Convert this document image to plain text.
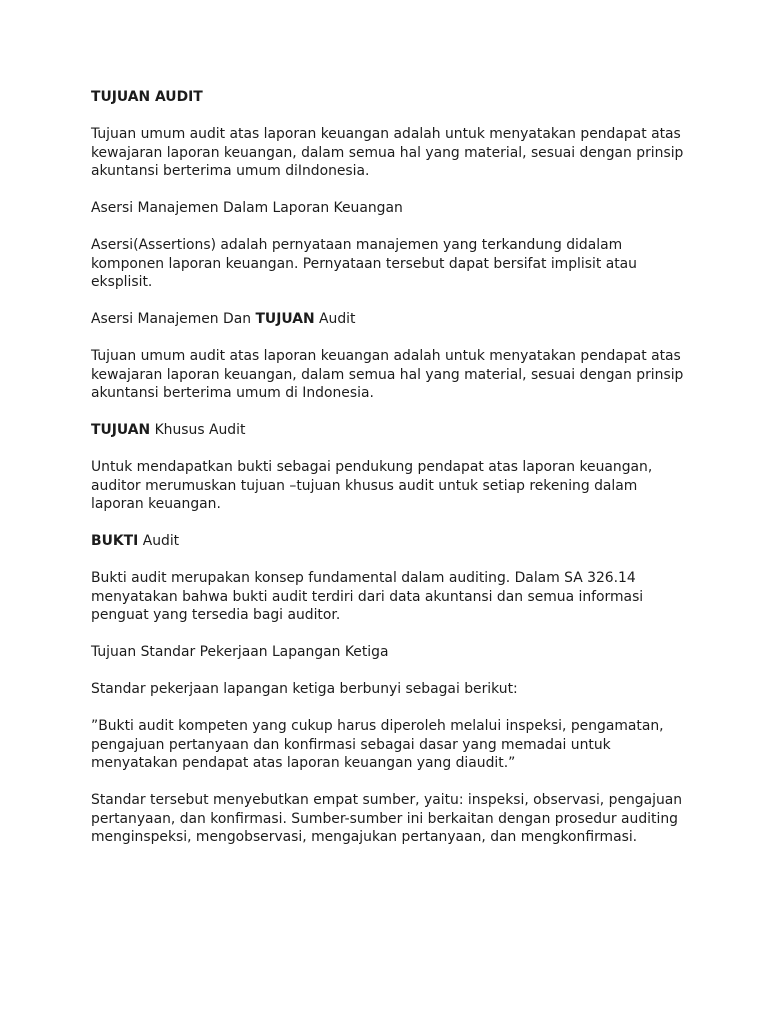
TUJUAN AUDIT

Tujuan umum audit atas laporan keuangan adalah untuk menyatakan pendapat atas kewajaran laporan keuangan, dalam semua hal yang material, sesuai dengan prinsip akuntansi berterima umum diIndonesia.

Asersi Manajemen Dalam Laporan Keuangan

Asersi(Assertions) adalah pernyataan manajemen yang terkandung didalam komponen laporan keuangan. Pernyataan tersebut dapat bersifat implisit atau eksplisit.

Asersi Manajemen Dan TUJUAN Audit

Tujuan umum audit atas laporan keuangan adalah untuk menyatakan pendapat atas kewajaran laporan keuangan, dalam semua hal yang material, sesuai dengan prinsip akuntansi berterima umum di Indonesia.

TUJUAN Khusus Audit

Untuk mendapatkan bukti sebagai pendukung pendapat atas laporan keuangan, auditor merumuskan tujuan –tujuan khusus audit untuk setiap rekening dalam laporan keuangan.

BUKTI Audit

Bukti audit merupakan konsep fundamental dalam auditing. Dalam SA 326.14 menyatakan bahwa bukti audit terdiri dari data akuntansi dan semua informasi penguat yang tersedia bagi auditor.

Tujuan Standar Pekerjaan Lapangan Ketiga

Standar pekerjaan lapangan ketiga berbunyi sebagai berikut:

”Bukti audit kompeten yang cukup harus diperoleh melalui inspeksi, pengamatan, pengajuan pertanyaan dan konfirmasi sebagai dasar yang memadai untuk menyatakan pendapat atas laporan keuangan yang diaudit.”

Standar tersebut menyebutkan empat sumber, yaitu: inspeksi, observasi, pengajuan pertanyaan, dan konfirmasi. Sumber-sumber ini berkaitan dengan prosedur auditing menginspeksi, mengobservasi, mengajukan pertanyaan, dan mengkonfirmasi.
